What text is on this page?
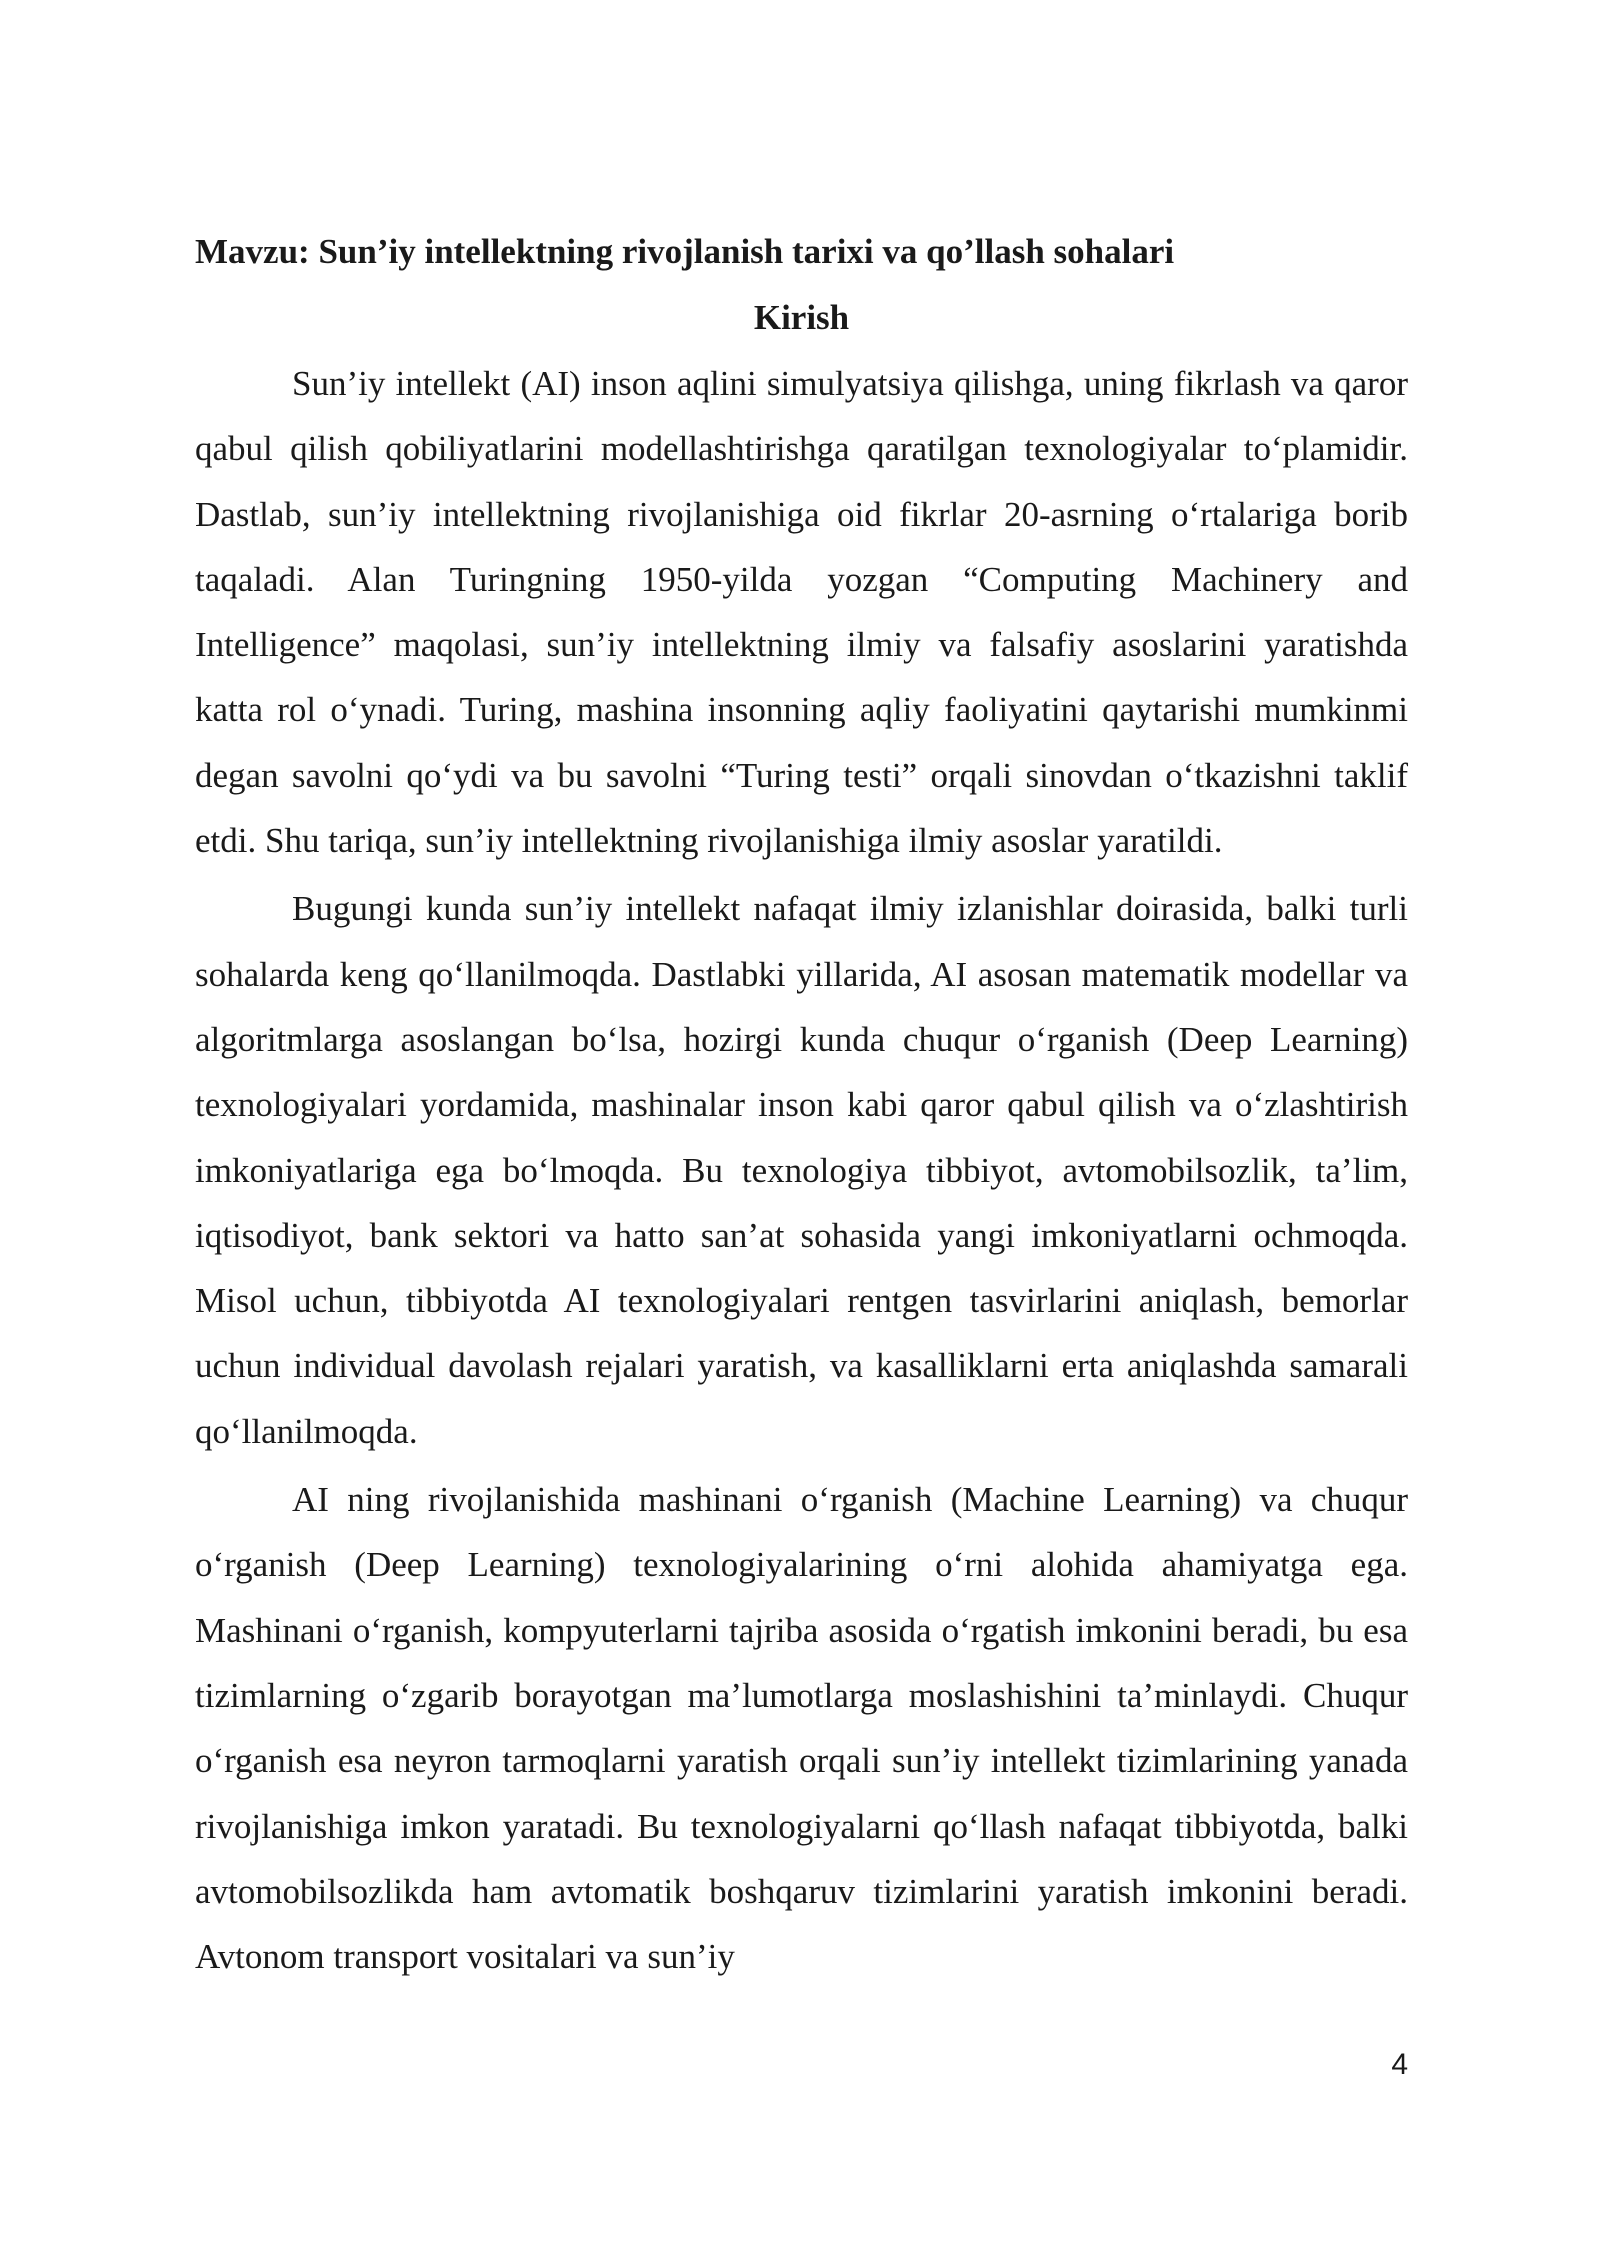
Mavzu: Sun’iy intellektning rivojlanish tarixi va qo’llash sohalari

Kirish

Sun’iy intellekt (AI) inson aqlini simulyatsiya qilishga, uning fikrlash va qaror qabul qilish qobiliyatlarini modellashtirishga qaratilgan texnologiyalar to‘plamidir. Dastlab, sun’iy intellektning rivojlanishiga oid fikrlar 20-asrning o‘rtalariga borib taqaladi. Alan Turingning 1950-yilda yozgan “Computing Machinery and Intelligence” maqolasi, sun’iy intellektning ilmiy va falsafiy asoslarini yaratishda katta rol o‘ynadi. Turing, mashina insonning aqliy faoliyatini qaytarishi mumkinmi degan savolni qo‘ydi va bu savolni “Turing testi” orqali sinovdan o‘tkazishni taklif etdi. Shu tariqa, sun’iy intellektning rivojlanishiga ilmiy asoslar yaratildi.

Bugungi kunda sun’iy intellekt nafaqat ilmiy izlanishlar doirasida, balki turli sohalarda keng qo‘llanilmoqda. Dastlabki yillarida, AI asosan matematik modellar va algoritmlarga asoslangan bo‘lsa, hozirgi kunda chuqur o‘rganish (Deep Learning) texnologiyalari yordamida, mashinalar inson kabi qaror qabul qilish va o‘zlashtirish imkoniyatlariga ega bo‘lmoqda. Bu texnologiya tibbiyot, avtomobilsozlik, ta’lim, iqtisodiyot, bank sektori va hatto san’at sohasida yangi imkoniyatlarni ochmoqda. Misol uchun, tibbiyotda AI texnologiyalari rentgen tasvirlarini aniqlash, bemorlar uchun individual davolash rejalari yaratish, va kasalliklarni erta aniqlashda samarali qo‘llanilmoqda.

AI ning rivojlanishida mashinani o‘rganish (Machine Learning) va chuqur o‘rganish (Deep Learning) texnologiyalarining o‘rni alohida ahamiyatga ega. Mashinani o‘rganish, kompyuterlarni tajriba asosida o‘rgatish imkonini beradi, bu esa tizimlarning o‘zgarib borayotgan ma’lumotlarga moslashishini ta’minlaydi. Chuqur o‘rganish esa neyron tarmoqlarni yaratish orqali sun’iy intellekt tizimlarining yanada rivojlanishiga imkon yaratadi. Bu texnologiyalarni qo‘llash nafaqat tibbiyotda, balki avtomobilsozlikda ham avtomatik boshqaruv tizimlarini yaratish imkonini beradi. Avtonom transport vositalari va sun’iy

4
